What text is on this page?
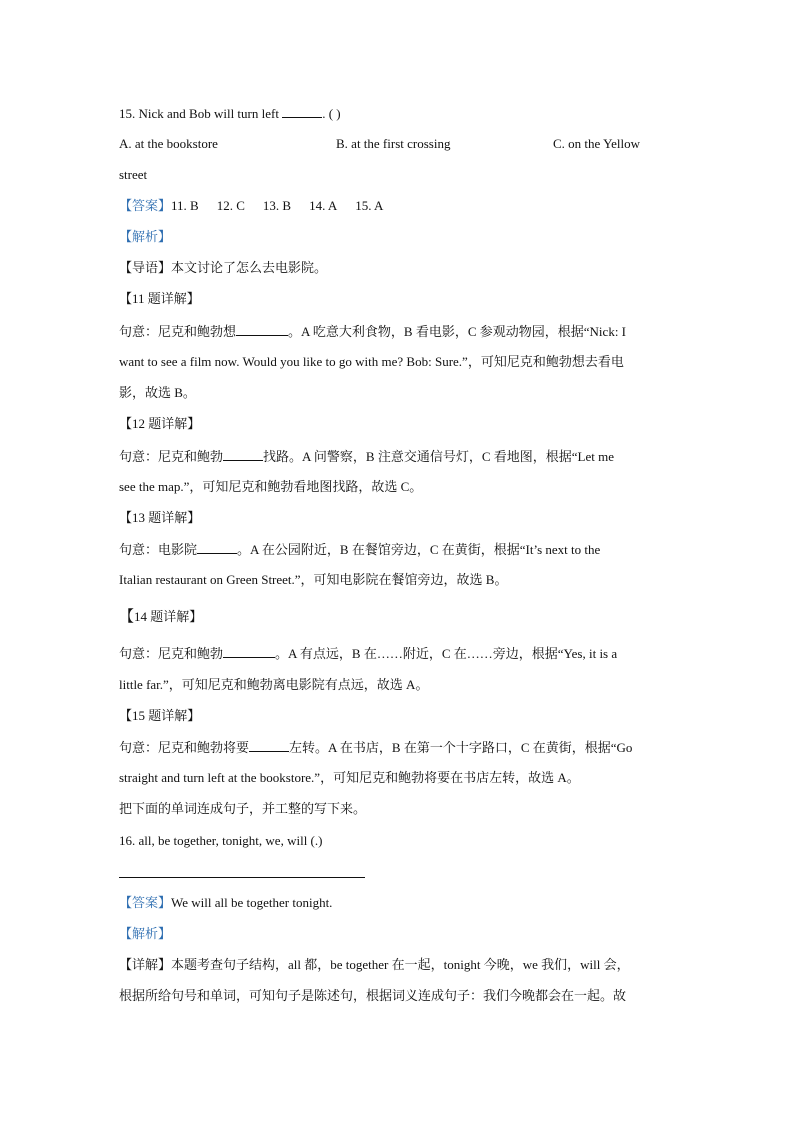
15. Nick and Bob will turn left	. ( )
A. at the bookstore	B. at the first crossing	C. on the Yellow
street
【答案】11. B 12. C 13. B 14. A 15. A
【解析】
【导语】本文讨论了怎么去电影院。
【11 题详解】
句意：尼克和鲍勃想	。A 吃意大利食物，B 看电影，C 参观动物园，根据“Nick: I
want to see a film now. Would you like to go with me? Bob: Sure.”，可知尼克和鲍勃想去看电
影，故选 B。
【12 题详解】
句意：尼克和鲍勃	找路。A 问警察，B 注意交通信号灯，C 看地图，根据“Let me
see the map.”，可知尼克和鲍勃看地图找路，故选 C。
【13 题详解】
句意：电影院	。A 在公园附近，B 在餐馆旁边，C 在黄街，根据“It’s next to the
Italian restaurant on Green Street.”，可知电影院在餐馆旁边，故选 B。
【14 题详解】
句意：尼克和鲍勃	。A 有点远，B 在……附近，C 在……旁边，根据“Yes, it is a
little far.”，可知尼克和鲍勃离电影院有点远，故选 A。
【15 题详解】
句意：尼克和鲍勃将要	左转。A 在书店，B 在第一个十字路口，C 在黄街，根据“Go
straight and turn left at the bookstore.”，可知尼克和鲍勃将要在书店左转，故选 A。
把下面的单词连成句子，并工整的写下来。
16. all, be together, tonight, we, will (.)
【答案】We will all be together tonight.
【解析】
【详解】本题考查句子结构，all 都，be together 在一起，tonight 今晚，we 我们，will 会，
根据所给句号和单词，可知句子是陈述句，根据词义连成句子：我们今晚都会在一起。故
